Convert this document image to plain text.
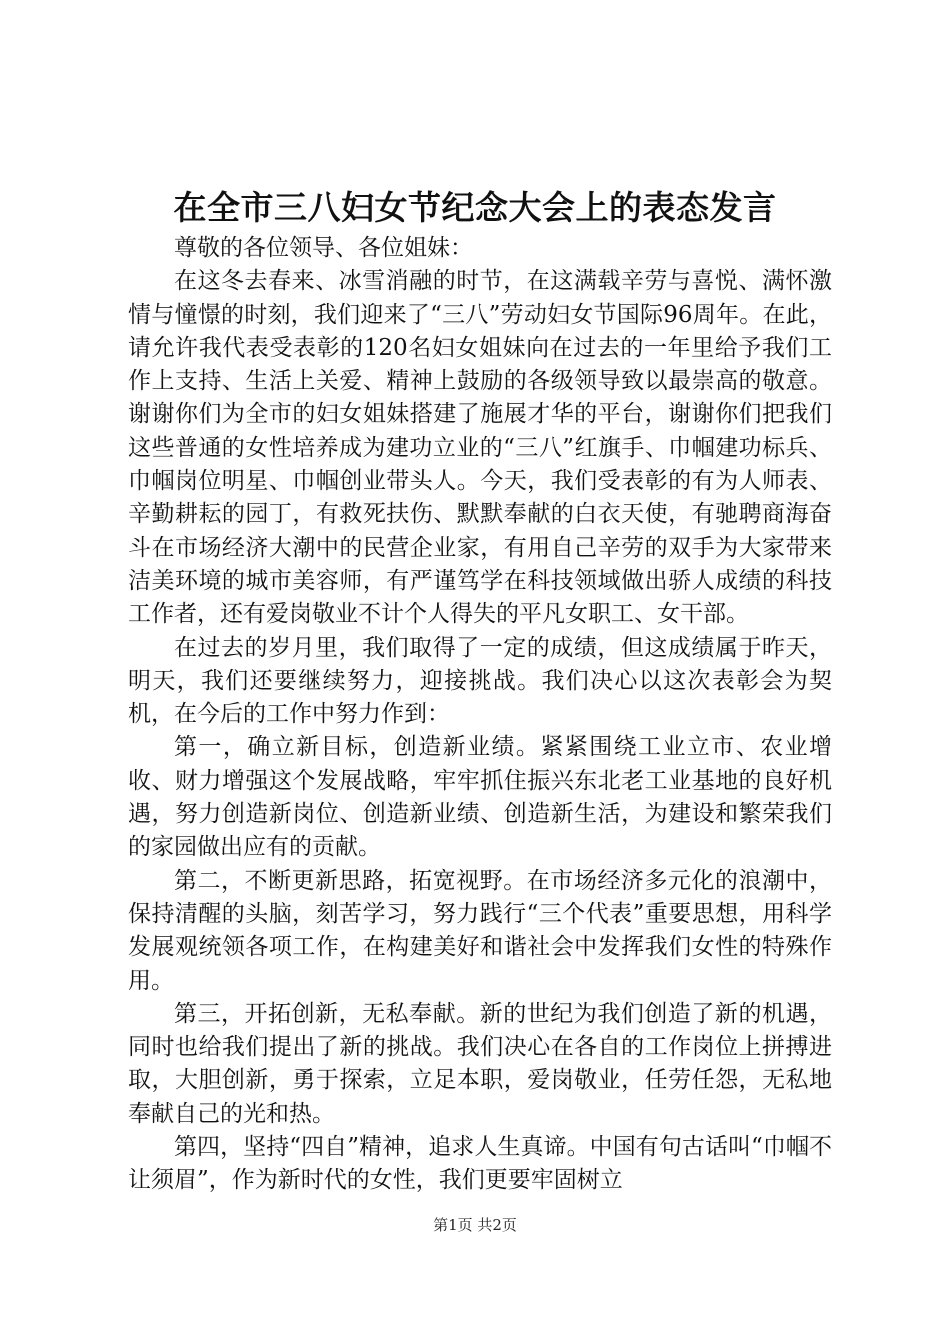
在全市三八妇女节纪念大会上的表态发言

尊敬的各位领导、各位姐妹：

在这冬去春来、冰雪消融的时节，在这满载辛劳与喜悦、满怀激情与憧憬的时刻，我们迎来了“三八”劳动妇女节国际96周年。在此，请允许我代表受表彰的120名妇女姐妹向在过去的一年里给予我们工作上支持、生活上关爱、精神上鼓励的各级领导致以最崇高的敬意。谢谢你们为全市的妇女姐妹搭建了施展才华的平台，谢谢你们把我们这些普通的女性培养成为建功立业的“三八”红旗手、巾帼建功标兵、巾帼岗位明星、巾帼创业带头人。今天，我们受表彰的有为人师表、辛勤耕耘的园丁，有救死扶伤、默默奉献的白衣天使，有驰聘商海奋斗在市场经济大潮中的民营企业家，有用自己辛劳的双手为大家带来洁美环境的城市美容师，有严谨笃学在科技领域做出骄人成绩的科技工作者，还有爱岗敬业不计个人得失的平凡女职工、女干部。

在过去的岁月里，我们取得了一定的成绩，但这成绩属于昨天，明天，我们还要继续努力，迎接挑战。我们决心以这次表彰会为契机，在今后的工作中努力作到：

第一，确立新目标，创造新业绩。紧紧围绕工业立市、农业增收、财力增强这个发展战略，牢牢抓住振兴东北老工业基地的良好机遇，努力创造新岗位、创造新业绩、创造新生活，为建设和繁荣我们的家园做出应有的贡献。

第二，不断更新思路，拓宽视野。在市场经济多元化的浪潮中，保持清醒的头脑，刻苦学习，努力践行“三个代表”重要思想，用科学发展观统领各项工作，在构建美好和谐社会中发挥我们女性的特殊作用。

第三，开拓创新，无私奉献。新的世纪为我们创造了新的机遇，同时也给我们提出了新的挑战。我们决心在各自的工作岗位上拼搏进取，大胆创新，勇于探索，立足本职，爱岗敬业，任劳任怨，无私地奉献自己的光和热。

第四，坚持“四自”精神，追求人生真谛。中国有句古话叫“巾帼不让须眉”，作为新时代的女性，我们更要牢固树立

第1页 共2页
